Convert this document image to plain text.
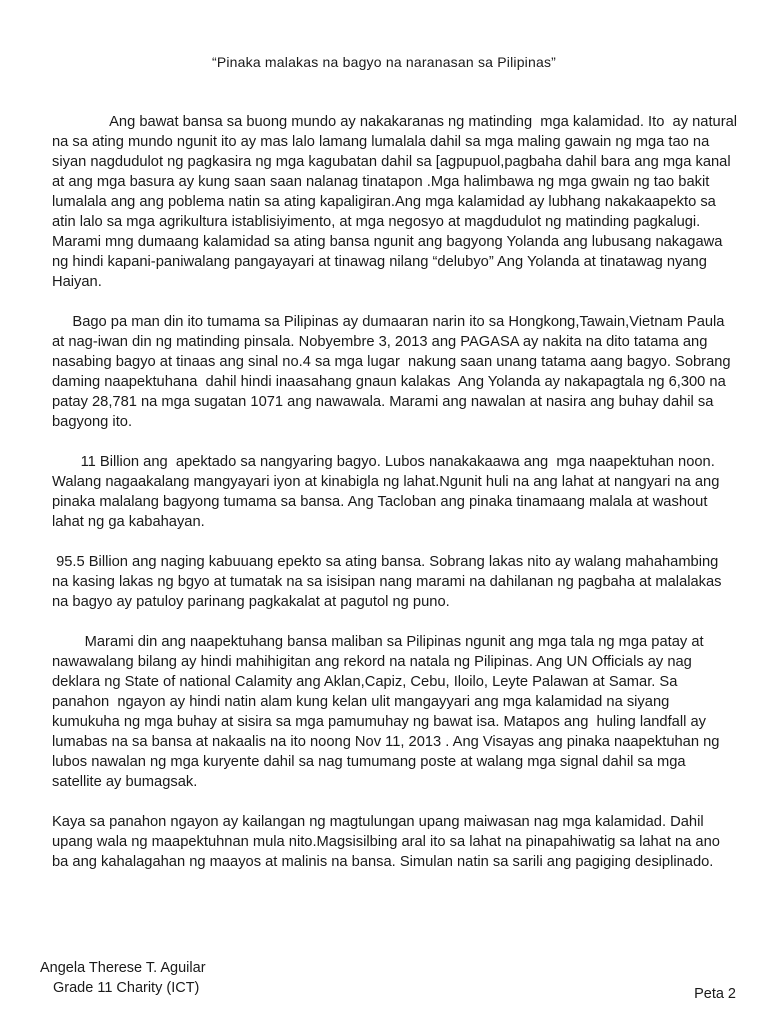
“Pinaka malakas na bagyo na naranasan sa Pilipinas”

Ang bawat bansa sa buong mundo ay nakakaranas ng matinding  mga kalamidad. Ito  ay natural na sa ating mundo ngunit ito ay mas lalo lamang lumalala dahil sa mga maling gawain ng mga tao na siyan nagdudulot ng pagkasira ng mga kagubatan dahil sa [agpupuol,pagbaha dahil bara ang mga kanal at ang mga basura ay kung saan saan nalanag tinatapon .Mga halimbawa ng mga gwain ng tao bakit lumalala ang ang poblema natin sa ating kapaligiran.Ang mga kalamidad ay lubhang nakakaapekto sa atin lalo sa mga agrikultura istablisiyimento, at mga negosyo at magdudulot ng matinding pagkalugi. Marami mng dumaang kalamidad sa ating bansa ngunit ang bagyong Yolanda ang lubusang nakagawa ng hindi kapani-paniwalang pangayayari at tinawag nilang “delubyo” Ang Yolanda at tinatawag nyang Haiyan.

Bago pa man din ito tumama sa Pilipinas ay dumaaran narin ito sa Hongkong,Tawain,Vietnam Paula  at nag-iwan din ng matinding pinsala. Nobyembre 3, 2013 ang PAGASA ay nakita na dito tatama ang nasabing bagyo at tinaas ang sinal no.4 sa mga lugar  nakung saan unang tatama aang bagyo. Sobrang daming naapektuhana  dahil hindi inaasahang gnaun kalakas  Ang Yolanda ay nakapagtala ng 6,300 na patay 28,781 na mga sugatan 1071 ang nawawala. Marami ang nawalan at nasira ang buhay dahil sa bagyong ito.

11 Billion ang  apektado sa nangyaring bagyo. Lubos nanakakaawa ang  mga naapektuhan noon. Walang nagaakalang mangyayari iyon at kinabigla ng lahat.Ngunit huli na ang lahat at nangyari na ang pinaka malalang bagyong tumama sa bansa. Ang Tacloban ang pinaka tinamaang malala at washout lahat ng ga kabahayan.

95.5 Billion ang naging kabuuang epekto sa ating bansa. Sobrang lakas nito ay walang mahahambing na kasing lakas ng bgyo at tumatak na sa isisipan nang marami na dahilanan ng pagbaha at malalakas na bagyo ay patuloy parinang pagkakalat at pagutol ng puno.

Marami din ang naapektuhang bansa maliban sa Pilipinas ngunit ang mga tala ng mga patay at nawawalang bilang ay hindi mahihigitan ang rekord na natala ng Pilipinas. Ang UN Officials ay nag deklara ng State of national Calamity ang Aklan,Capiz, Cebu, Iloilo, Leyte Palawan at Samar. Sa panahon  ngayon ay hindi natin alam kung kelan ulit mangayyari ang mga kalamidad na siyang kumukuha ng mga buhay at sisira sa mga pamumuhay ng bawat isa. Matapos ang  huling landfall ay lumabas na sa bansa at nakaalis na ito noong Nov 11, 2013 . Ang Visayas ang pinaka naapektuhan ng lubos nawalan ng mga kuryente dahil sa nag tumumang poste at walang mga signal dahil sa mga satellite ay bumagsak.

Kaya sa panahon ngayon ay kailangan ng magtulungan upang maiwasan nag mga kalamidad. Dahil upang wala ng maapektuhnan mula nito.Magsisilbing aral ito sa lahat na pinapahiwatig sa lahat na ano ba ang kahalagahan ng maayos at malinis na bansa. Simulan natin sa sarili ang pagiging desiplinado.

Angela Therese T. Aguilar
Grade 11 Charity (ICT)	Peta 2
